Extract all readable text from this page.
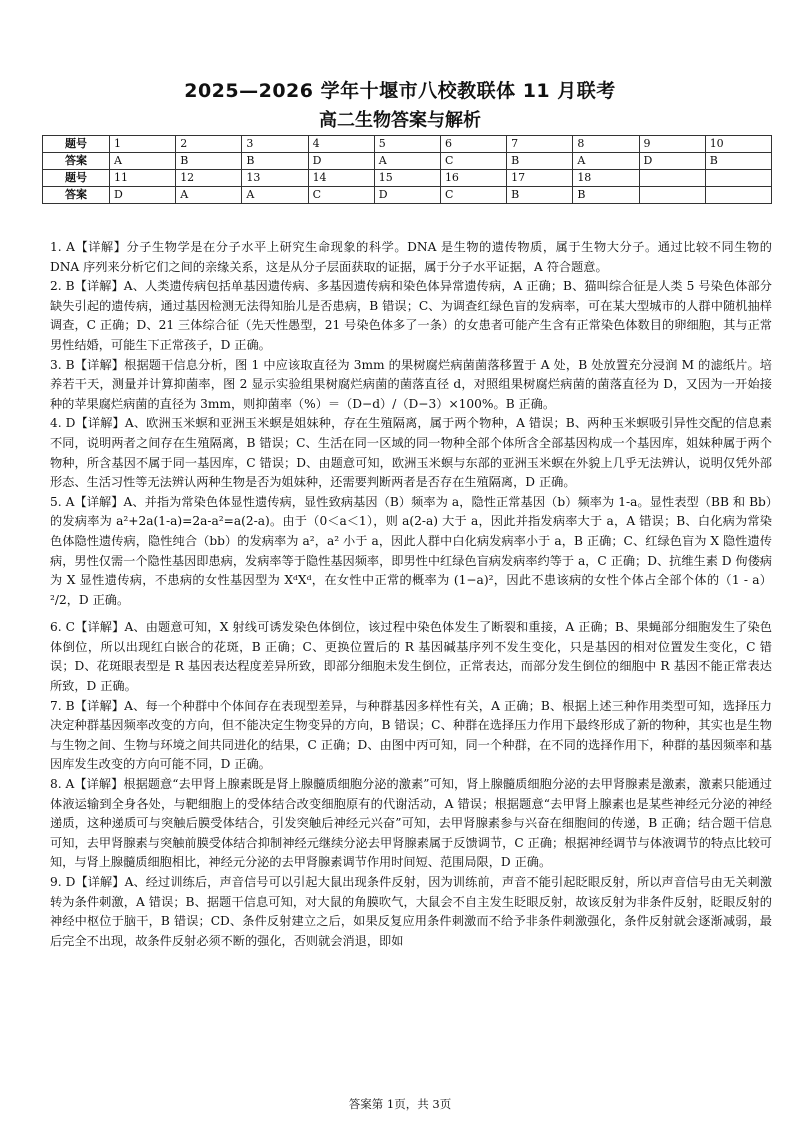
2025—2026 学年十堰市八校教联体 11 月联考
高二生物答案与解析
题号	1	2	3	4	5	6	7	8	9	10
答案	A	B	B	D	A	C	B	A	D	B
题号	11	12	13	14	15	16	17	18		
答案	D	A	A	C	D	C	B	B		

1. A【详解】分子生物学是在分子水平上研究生命现象的科学。DNA 是生物的遗传物质，属于生物大分子。通过比较不同生物的 DNA 序列来分析它们之间的亲缘关系，这是从分子层面获取的证据，属于分子水平证据，A 符合题意。

2. B【详解】A、人类遗传病包括单基因遗传病、多基因遗传病和染色体异常遗传病，A 正确；B、猫叫综合征是人类 5 号染色体部分缺失引起的遗传病，通过基因检测无法得知胎儿是否患病，B 错误；C、为调查红绿色盲的发病率，可在某大型城市的人群中随机抽样调查，C 正确；D、21 三体综合征（先天性愚型，21 号染色体多了一条）的女患者可能产生含有正常染色体数目的卵细胞，其与正常男性结婚，可能生下正常孩子，D 正确。

3. B【详解】根据题干信息分析，图 1 中应该取直径为 3mm 的果树腐烂病菌菌落移置于 A 处，B 处放置充分浸润 M 的滤纸片。培养若干天，测量并计算抑菌率，图 2 显示实验组果树腐烂病菌的菌落直径 d，对照组果树腐烂病菌的菌落直径为 D，又因为一开始接种的苹果腐烂病菌的直径为 3mm，则抑菌率（%）＝（D−d）/（D−3）×100%。B 正确。

4. D【详解】A、欧洲玉米螟和亚洲玉米螟是姐妹种，存在生殖隔离，属于两个物种，A 错误；B、两种玉米螟吸引异性交配的信息素不同，说明两者之间存在生殖隔离，B 错误；C、生活在同一区域的同一物种全部个体所含全部基因构成一个基因库，姐妹种属于两个物种，所含基因不属于同一基因库，C 错误；D、由题意可知，欧洲玉米螟与东部的亚洲玉米螟在外貌上几乎无法辨认，说明仅凭外部形态、生活习性等无法辨认两种生物是否为姐妹种，还需要判断两者是否存在生殖隔离，D 正确。

5. A【详解】A、并指为常染色体显性遗传病，显性致病基因（B）频率为 a，隐性正常基因（b）频率为 1-a。显性表型（BB 和 Bb）的发病率为 a²+2a(1-a)=2a-a²=a(2-a)。由于（0＜a＜1），则 a(2-a) 大于 a，因此并指发病率大于 a，A 错误；B、白化病为常染色体隐性遗传病，隐性纯合（bb）的发病率为 a²，a² 小于 a，因此人群中白化病发病率小于 a，B 正确；C、红绿色盲为 X 隐性遗传病，男性仅需一个隐性基因即患病，发病率等于隐性基因频率，即男性中红绿色盲病发病率约等于 a，C 正确；D、抗维生素 D 佝偻病为 X 显性遗传病，不患病的女性基因型为 XᵈXᵈ，在女性中正常的概率为 (1−a)²，因此不患该病的女性个体占全部个体的（1 - a）²/2，D 正确。

6. C【详解】A、由题意可知，X 射线可诱发染色体倒位，该过程中染色体发生了断裂和重接，A 正确；B、果蝇部分细胞发生了染色体倒位，所以出现红白嵌合的花斑，B 正确；C、更换位置后的 R 基因碱基序列不发生变化，只是基因的相对位置发生变化，C 错误；D、花斑眼表型是 R 基因表达程度差异所致，即部分细胞未发生倒位，正常表达，而部分发生倒位的细胞中 R 基因不能正常表达所致，D 正确。

7. B【详解】A、每一个种群中个体间存在表现型差异，与种群基因多样性有关，A 正确；B、根据上述三种作用类型可知，选择压力决定种群基因频率改变的方向，但不能决定生物变异的方向，B 错误；C、种群在选择压力作用下最终形成了新的物种，其实也是生物与生物之间、生物与环境之间共同进化的结果，C 正确；D、由图中丙可知，同一个种群，在不同的选择作用下，种群的基因频率和基因库发生改变的方向可能不同，D 正确。

8. A【详解】根据题意“去甲肾上腺素既是肾上腺髓质细胞分泌的激素”可知，肾上腺髓质细胞分泌的去甲肾腺素是激素，激素只能通过体液运输到全身各处，与靶细胞上的受体结合改变细胞原有的代谢活动，A 错误；根据题意“去甲肾上腺素也是某些神经元分泌的神经递质，这种递质可与突触后膜受体结合，引发突触后神经元兴奋”可知，去甲肾腺素参与兴奋在细胞间的传递，B 正确；结合题干信息可知，去甲肾腺素与突触前膜受体结合抑制神经元继续分泌去甲肾腺素属于反馈调节，C 正确；根据神经调节与体液调节的特点比较可知，与肾上腺髓质细胞相比，神经元分泌的去甲肾腺素调节作用时间短、范围局限，D 正确。

9. D【详解】A、经过训练后，声音信号可以引起大鼠出现条件反射，因为训练前，声音不能引起眨眼反射，所以声音信号由无关刺激转为条件刺激，A 错误；B、据题干信息可知，对大鼠的角膜吹气，大鼠会不自主发生眨眼反射，故该反射为非条件反射，眨眼反射的神经中枢位于脑干，B 错误；CD、条件反射建立之后，如果反复应用条件刺激而不给予非条件刺激强化，条件反射就会逐渐减弱，最后完全不出现，故条件反射必须不断的强化，否则就会消退，即如

答案第 1页，共 3页
